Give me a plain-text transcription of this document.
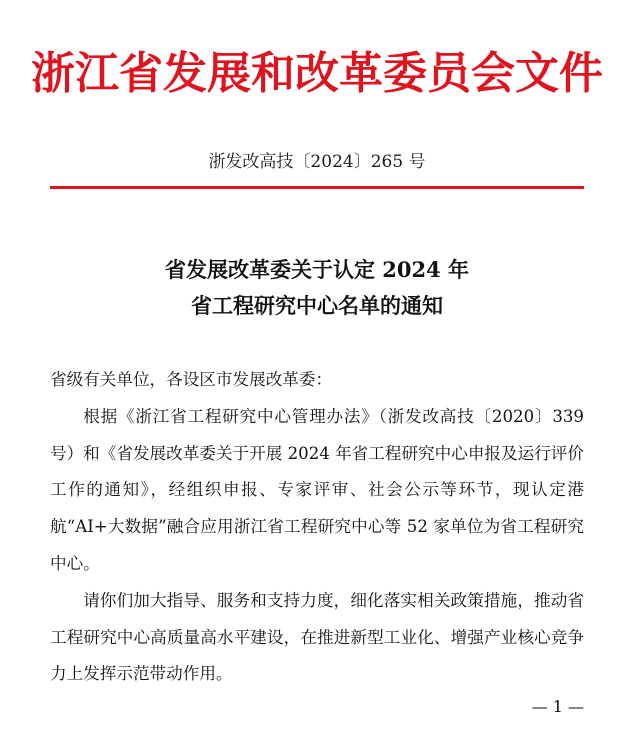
浙江省发展和改革委员会文件
浙发改高技〔2024〕265 号
省发展改革委关于认定 2024 年
省工程研究中心名单的通知
省级有关单位，各设区市发展改革委：

根据《浙江省工程研究中心管理办法》（浙发改高技〔2020〕339 号）和《省发展改革委关于开展 2024 年省工程研究中心申报及运行评价工作的通知》，经组织申报、专家评审、社会公示等环节，现认定港航“AI+大数据”融合应用浙江省工程研究中心等 52 家单位为省工程研究中心。

请你们加大指导、服务和支持力度，细化落实相关政策措施，推动省工程研究中心高质量高水平建设，在推进新型工业化、增强产业核心竞争力上发挥示范带动作用。

— 1 —
